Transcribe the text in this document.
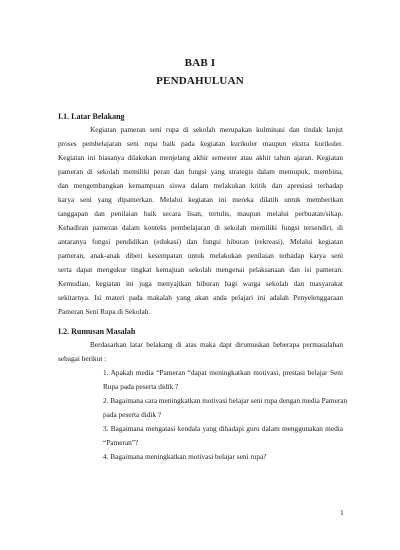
BAB I
PENDAHULUAN
I.1. Latar Belakang
Kegiatan pameran seni rupa di sekolah merupakan kulminasi dan tindak lanjut
proses pembelajaran seni rupa baik pada kegiatan kurikuler maupun ekstra kurikuler.
Kegiatan ini biasanya dilakukan menjelang akhir semester atau akhir tahun ajaran. Kegiatan
pameran di sekolah memiliki peran dan fungsi yang strategis dalam memupuk, membina,
dan mengembangkan kemampuan siswa dalam melakukan kritik dan apresiasi terhadap
karya seni yang dipamerkan. Melalui kegiatan ini mereka dilatih untuk memberikan
tanggapan dan penilaian baik secara lisan, tertulis, maupun melalui perbuatan/sikap.
Kehadiran pameran dalam konteks pembelajaran di sekolah memiliki fungsi tersendiri, di
antaranya fungsi pendidikan (edukasi) dan fungsi hiburan (rekreasi). Melalui kegiatan
pameran, anak-anak diberi kesempatan untuk melakukan penilaian terhadap karya seni
serta dapat mengukur tingkat kemajuan sekolah mengenai pelaksanaan dan isi pameran.
Kemudian, kegiatan ini juga menyajikan hiburan bagi warga sekolah dan masyarakat
sekitarnya. Isi materi pada makalah yang akan anda pelajari ini adalah Penyelenggaraan
Pameran Seni Rupa di Sekolah.
I.2. Rumusan Masalah
Berdasarkan latar belakang di atas maka dapt dirumuskan beberapa permasalahan
sebagai berikut :
1. Apakah media “Pameran “dapat meningkatkan motivasi, prestasi belajar Seni
Rupa pada peserta didik ?
2. Bagaimana cara meningkatkan motivasi belajar seni rupa dengan media Pameran
pada peserta didik ?
3. Bagaimana mengatasi kendala yang dihadapi guru dalam menggunakan media
“Pameran”?
4. Bagaimana meningkatkan motivasi belajar seni rupa?
1
